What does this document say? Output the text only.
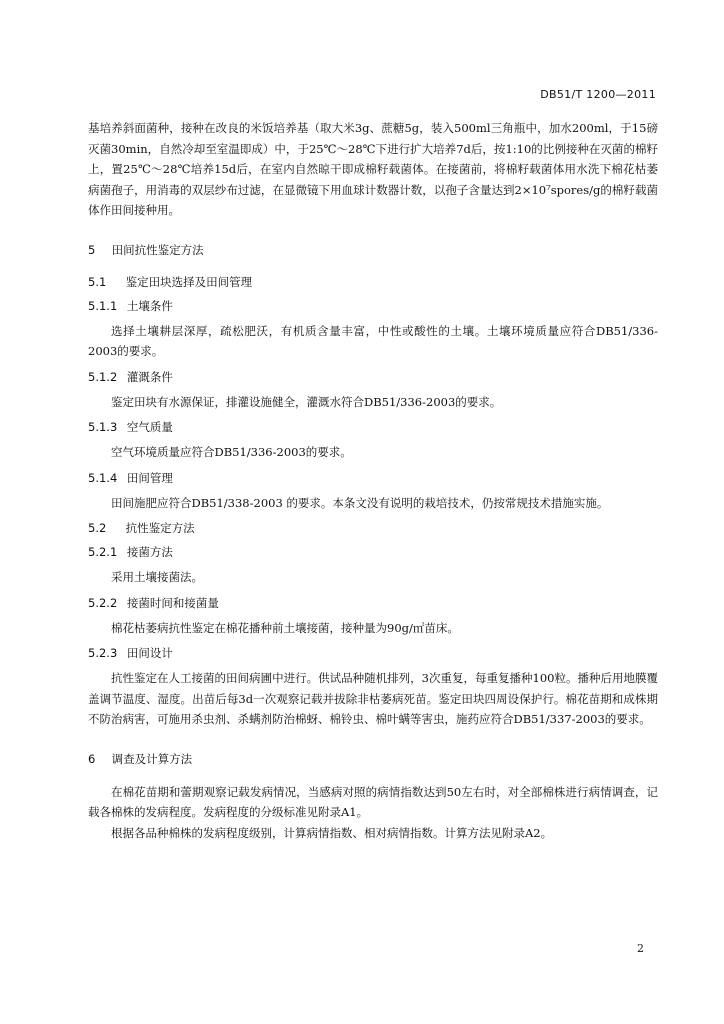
DB51/T 1200—2011

基培养斜面菌种，接种在改良的米饭培养基（取大米3g、蔗糖5g，装入500ml三角瓶中，加水200ml，于15磅灭菌30min，自然冷却至室温即成）中，于25℃～28℃下进行扩大培养7d后，按1:10的比例接种在灭菌的棉籽上，置25℃～28℃培养15d后，在室内自然晾干即成棉籽载菌体。在接菌前，将棉籽载菌体用水洗下棉花枯萎病菌孢子，用消毒的双层纱布过滤，在显微镜下用血球计数器计数，以孢子含量达到2×10⁷spores/g的棉籽载菌体作田间接种用。

5 田间抗性鉴定方法
5.1 鉴定田块选择及田间管理
5.1.1 土壤条件

选择土壤耕层深厚，疏松肥沃，有机质含量丰富，中性或酸性的土壤。土壤环境质量应符合DB51/336-2003的要求。

5.1.2 灌溉条件

鉴定田块有水源保证，排灌设施健全，灌溉水符合DB51/336-2003的要求。

5.1.3 空气质量

空气环境质量应符合DB51/336-2003的要求。

5.1.4 田间管理

田间施肥应符合DB51/338-2003 的要求。本条文没有说明的栽培技术，仍按常规技术措施实施。

5.2 抗性鉴定方法
5.2.1 接菌方法

采用土壤接菌法。

5.2.2 接菌时间和接菌量

棉花枯萎病抗性鉴定在棉花播种前土壤接菌，接种量为90g/㎡苗床。

5.2.3 田间设计

抗性鉴定在人工接菌的田间病圃中进行。供试品种随机排列，3次重复，每重复播种100粒。播种后用地膜覆盖调节温度、湿度。出苗后每3d一次观察记载并拔除非枯萎病死苗。鉴定田块四周设保护行。棉花苗期和成株期不防治病害，可施用杀虫剂、杀螨剂防治棉蚜、棉铃虫、棉叶螨等害虫，施药应符合DB51/337-2003的要求。

6 调查及计算方法

在棉花苗期和蕾期观察记载发病情况，当感病对照的病情指数达到50左右时，对全部棉株进行病情调查，记载各棉株的发病程度。发病程度的分级标准见附录A1。

根据各品种棉株的发病程度级别，计算病情指数、相对病情指数。计算方法见附录A2。

2
